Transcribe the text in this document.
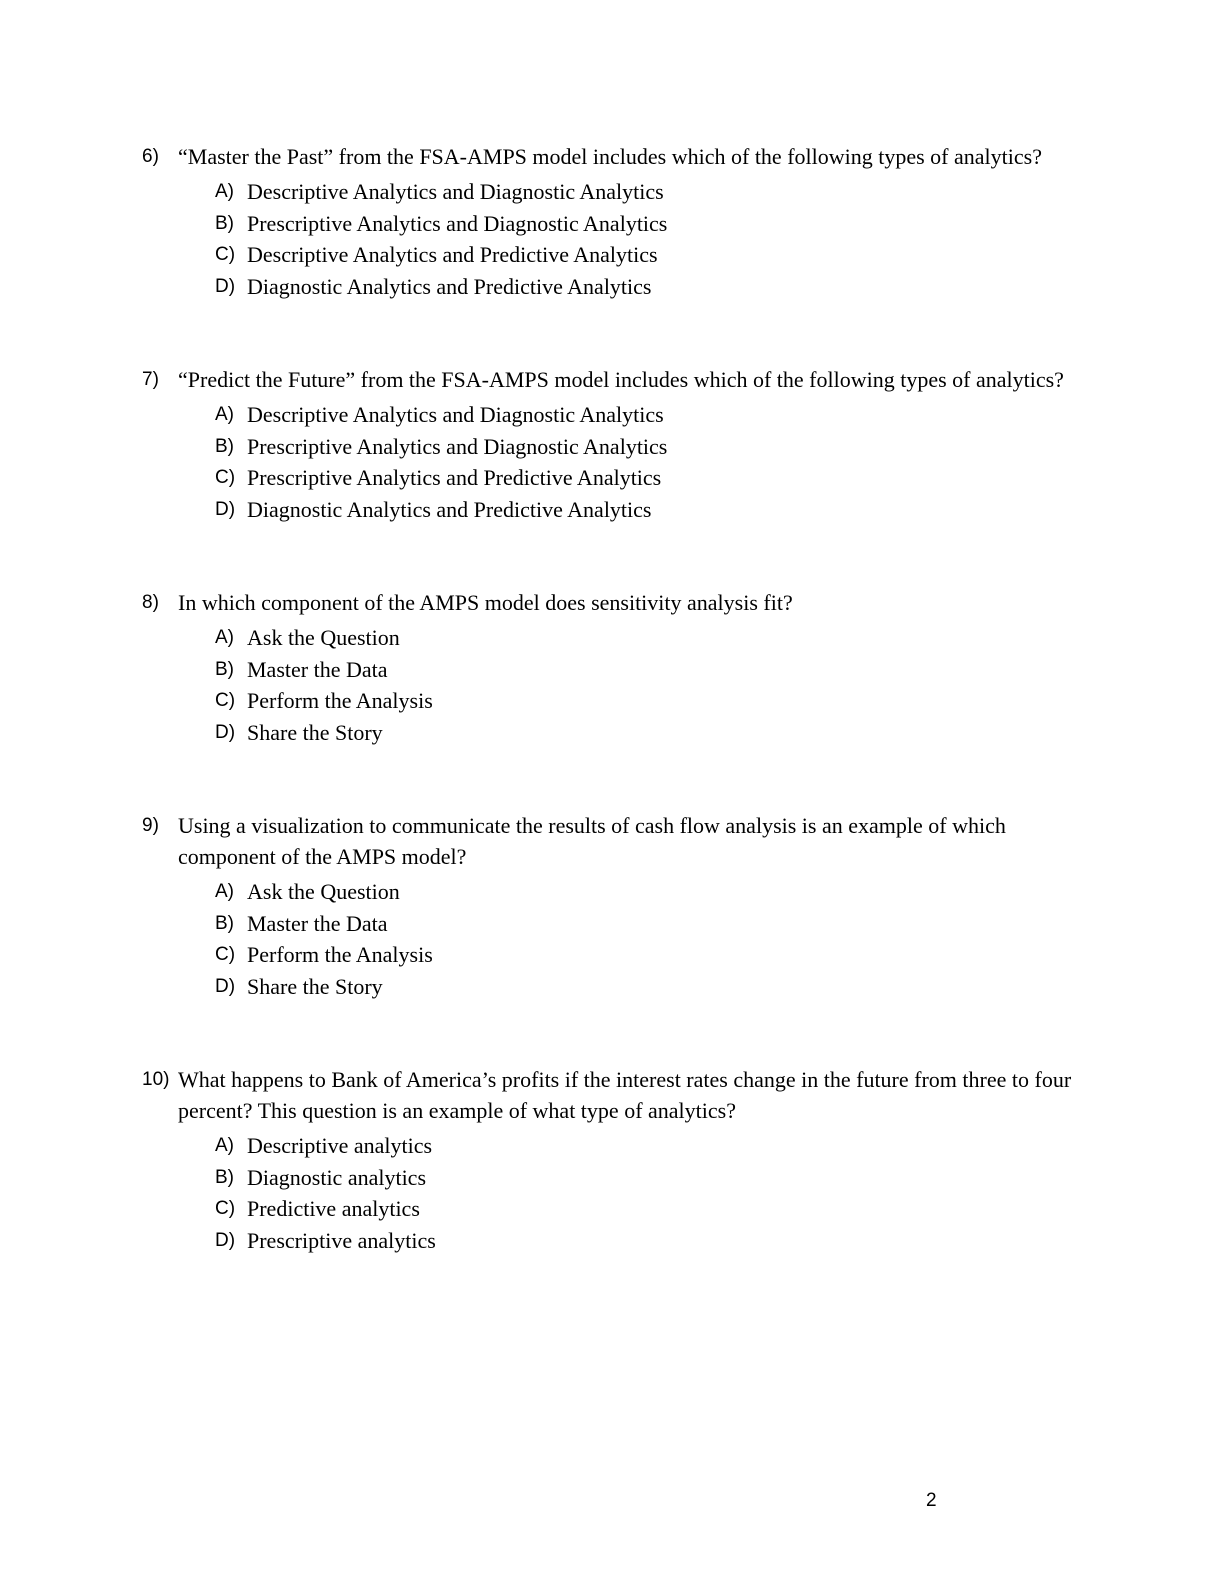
6) “Master the Past” from the FSA-AMPS model includes which of the following types of analytics?
A) Descriptive Analytics and Diagnostic Analytics
B) Prescriptive Analytics and Diagnostic Analytics
C) Descriptive Analytics and Predictive Analytics
D) Diagnostic Analytics and Predictive Analytics
7) “Predict the Future” from the FSA-AMPS model includes which of the following types of analytics?
A) Descriptive Analytics and Diagnostic Analytics
B) Prescriptive Analytics and Diagnostic Analytics
C) Prescriptive Analytics and Predictive Analytics
D) Diagnostic Analytics and Predictive Analytics
8) In which component of the AMPS model does sensitivity analysis fit?
A) Ask the Question
B) Master the Data
C) Perform the Analysis
D) Share the Story
9) Using a visualization to communicate the results of cash flow analysis is an example of which component of the AMPS model?
A) Ask the Question
B) Master the Data
C) Perform the Analysis
D) Share the Story
10) What happens to Bank of America’s profits if the interest rates change in the future from three to four percent? This question is an example of what type of analytics?
A) Descriptive analytics
B) Diagnostic analytics
C) Predictive analytics
D) Prescriptive analytics
2
